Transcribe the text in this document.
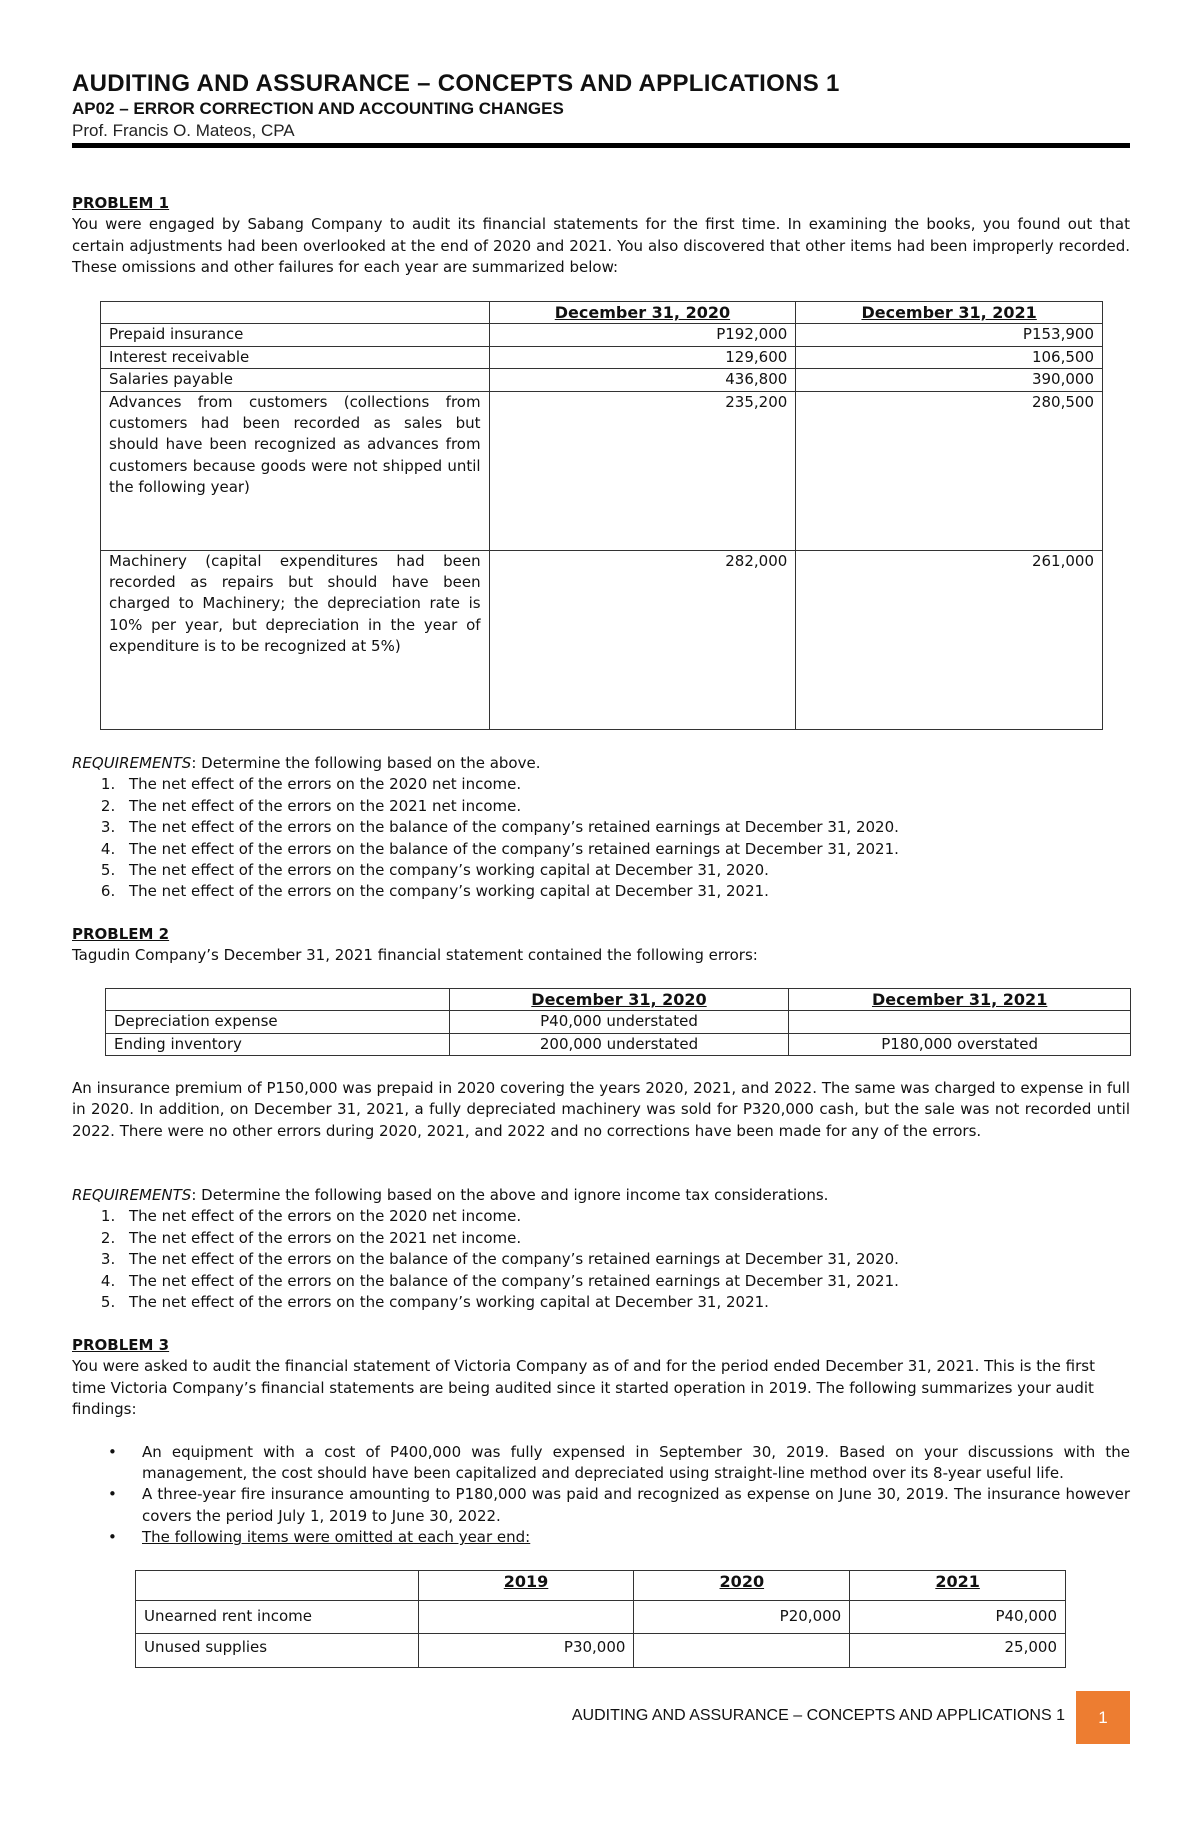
AUDITING AND ASSURANCE – CONCEPTS AND APPLICATIONS 1
AP02 – ERROR CORRECTION AND ACCOUNTING CHANGES
Prof. Francis O. Mateos, CPA
PROBLEM 1
You were engaged by Sabang Company to audit its financial statements for the first time. In examining the books, you found out that certain adjustments had been overlooked at the end of 2020 and 2021. You also discovered that other items had been improperly recorded. These omissions and other failures for each year are summarized below:
	December 31, 2020	December 31, 2021
Prepaid insurance	P192,000	P153,900
Interest receivable	129,600	106,500
Salaries payable	436,800	390,000
Advances from customers (collections from customers had been recorded as sales but should have been recognized as advances from customers because goods were not shipped until the following year)	235,200	280,500
Machinery (capital expenditures had been recorded as repairs but should have been charged to Machinery; the depreciation rate is 10% per year, but depreciation in the year of expenditure is to be recognized at 5%)	282,000	261,000
REQUIREMENTS: Determine the following based on the above.
1. The net effect of the errors on the 2020 net income.
2. The net effect of the errors on the 2021 net income.
3. The net effect of the errors on the balance of the company’s retained earnings at December 31, 2020.
4. The net effect of the errors on the balance of the company’s retained earnings at December 31, 2021.
5. The net effect of the errors on the company’s working capital at December 31, 2020.
6. The net effect of the errors on the company’s working capital at December 31, 2021.
PROBLEM 2
Tagudin Company’s December 31, 2021 financial statement contained the following errors:
	December 31, 2020	December 31, 2021
Depreciation expense	P40,000 understated	
Ending inventory	200,000 understated	P180,000 overstated
An insurance premium of P150,000 was prepaid in 2020 covering the years 2020, 2021, and 2022. The same was charged to expense in full in 2020. In addition, on December 31, 2021, a fully depreciated machinery was sold for P320,000 cash, but the sale was not recorded until 2022. There were no other errors during 2020, 2021, and 2022 and no corrections have been made for any of the errors.
REQUIREMENTS: Determine the following based on the above and ignore income tax considerations.
1. The net effect of the errors on the 2020 net income.
2. The net effect of the errors on the 2021 net income.
3. The net effect of the errors on the balance of the company’s retained earnings at December 31, 2020.
4. The net effect of the errors on the balance of the company’s retained earnings at December 31, 2021.
5. The net effect of the errors on the company’s working capital at December 31, 2021.
PROBLEM 3
You were asked to audit the financial statement of Victoria Company as of and for the period ended December 31, 2021. This is the first time Victoria Company’s financial statements are being audited since it started operation in 2019. The following summarizes your audit findings:
• An equipment with a cost of P400,000 was fully expensed in September 30, 2019. Based on your discussions with the management, the cost should have been capitalized and depreciated using straight-line method over its 8-year useful life.
• A three-year fire insurance amounting to P180,000 was paid and recognized as expense on June 30, 2019. The insurance however covers the period July 1, 2019 to June 30, 2022.
• The following items were omitted at each year end:
	2019	2020	2021
Unearned rent income		P20,000	P40,000
Unused supplies	P30,000		25,000
AUDITING AND ASSURANCE – CONCEPTS AND APPLICATIONS 1	1
